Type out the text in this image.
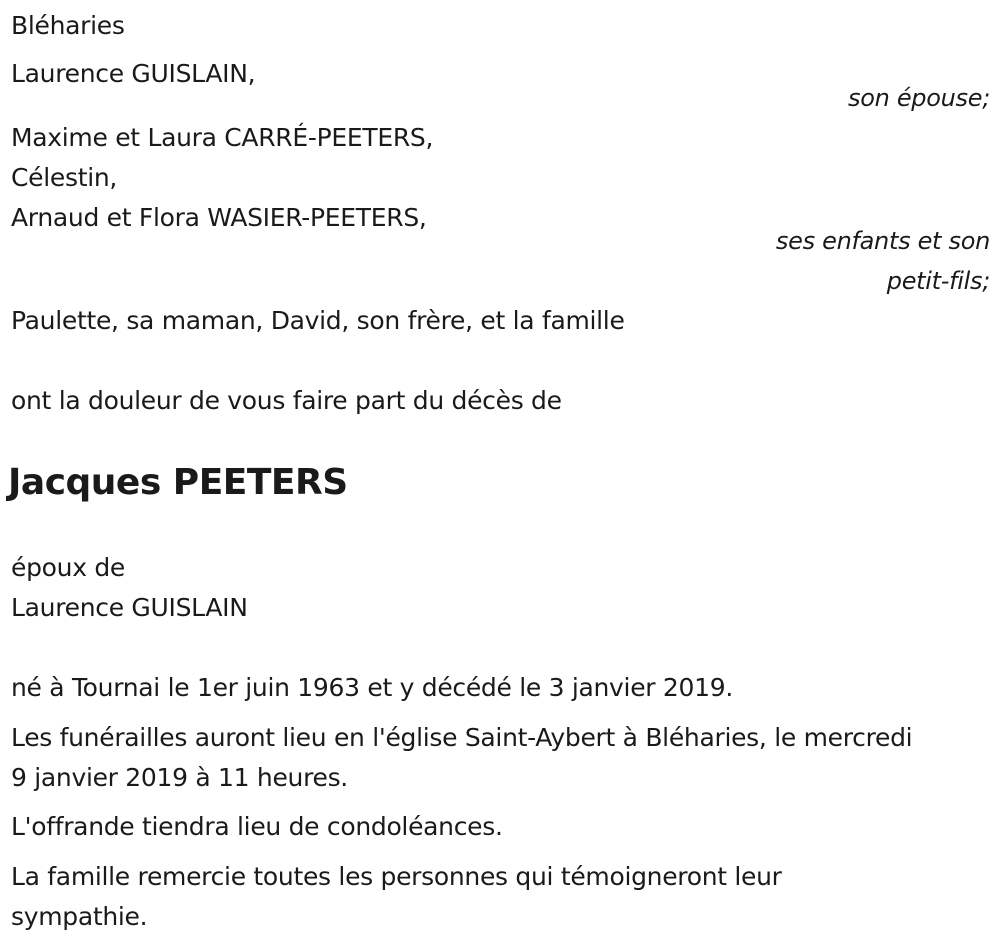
Bléharies
Laurence GUISLAIN,
son épouse;
Maxime et Laura CARRÉ-PEETERS,
Célestin,
Arnaud et Flora WASIER-PEETERS,
ses enfants et son
petit-fils;
Paulette, sa maman, David, son frère, et la famille
ont la douleur de vous faire part du décès de
Jacques PEETERS
époux de
Laurence GUISLAIN
né à Tournai le 1er juin 1963 et y décédé le 3 janvier 2019.
Les funérailles auront lieu en l'église Saint-Aybert à Bléharies, le mercredi
9 janvier 2019 à 11 heures.
L'offrande tiendra lieu de condoléances.
La famille remercie toutes les personnes qui témoigneront leur
sympathie.
